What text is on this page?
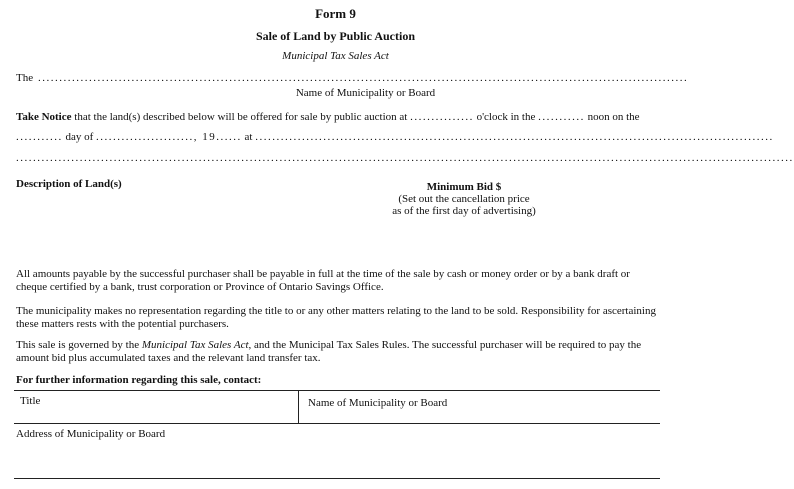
Form 9
Sale of Land by Public Auction
Municipal Tax Sales Act
The .........................................................................................................................................................
Name of Municipality or Board
Take Notice that the land(s) described below will be offered for sale by public auction at ............... o'clock in the ........... noon on the
........... day of ......................., 19...... at ..........................................................................................................................
.......................................................................................................................................................................................
Description of Land(s)	Minimum Bid $
(Set out the cancellation price
as of the first day of advertising)
All amounts payable by the successful purchaser shall be payable in full at the time of the sale by cash or money order or by a bank draft or cheque certified by a bank, trust corporation or Province of Ontario Savings Office.
The municipality makes no representation regarding the title to or any other matters relating to the land to be sold. Responsibility for ascertaining these matters rests with the potential purchasers.
This sale is governed by the Municipal Tax Sales Act, and the Municipal Tax Sales Rules. The successful purchaser will be required to pay the amount bid plus accumulated taxes and the relevant land transfer tax.
For further information regarding this sale, contact:
Title	Name of Municipality or Board
Address of Municipality or Board
